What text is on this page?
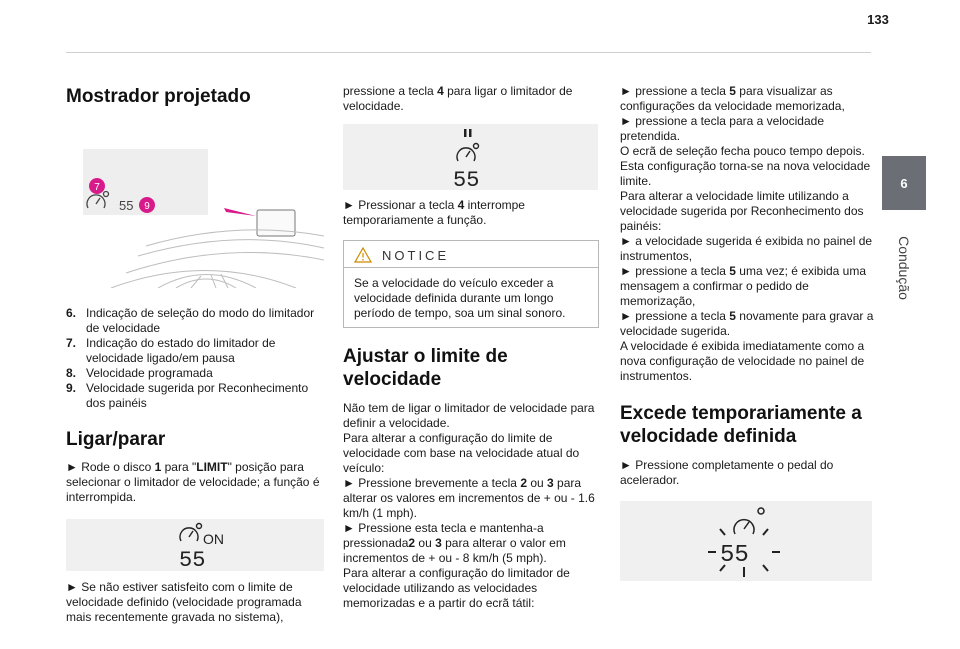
133
6
Condução
Mostrador projetado
7
55 9
6. Indicação de seleção do modo do limitador de velocidade
7. Indicação do estado do limitador de velocidade ligado/em pausa
8. Velocidade programada
9. Velocidade sugerida por Reconhecimento dos painéis
Ligar/parar

► Rode o disco 1 para "LIMIT" posição para selecionar o limitador de velocidade; a função é interrompida.

ON
55

► Se não estiver satisfeito com o limite de velocidade definido (velocidade programada mais recentemente gravada no sistema),

pressione a tecla 4 para ligar o limitador de velocidade.

55

► Pressionar a tecla 4 interrompe temporariamente a função.

NOTICE
Se a velocidade do veículo exceder a velocidade definida durante um longo período de tempo, soa um sinal sonoro.
Ajustar o limite de velocidade

Não tem de ligar o limitador de velocidade para definir a velocidade.

Para alterar a configuração do limite de velocidade com base na velocidade atual do veículo:

► Pressione brevemente a tecla 2 ou 3 para alterar os valores em incrementos de + ou - 1.6 km/h (1 mph).

► Pressione esta tecla e mantenha-a pressionada2 ou 3 para alterar o valor em incrementos de + ou - 8 km/h (5 mph).

Para alterar a configuração do limitador de velocidade utilizando as velocidades memorizadas e a partir do ecrã tátil:

► pressione a tecla 5 para visualizar as configurações da velocidade memorizada,

► pressione a tecla para a velocidade pretendida.

O ecrã de seleção fecha pouco tempo depois. Esta configuração torna-se na nova velocidade limite.

Para alterar a velocidade limite utilizando a velocidade sugerida por Reconhecimento dos painéis:

► a velocidade sugerida é exibida no painel de instrumentos,

► pressione a tecla 5 uma vez; é exibida uma mensagem a confirmar o pedido de memorização,

► pressione a tecla 5 novamente para gravar a velocidade sugerida.

A velocidade é exibida imediatamente como a nova configuração de velocidade no painel de instrumentos.

Excede temporariamente a velocidade definida

► Pressione completamente o pedal do acelerador.

55
